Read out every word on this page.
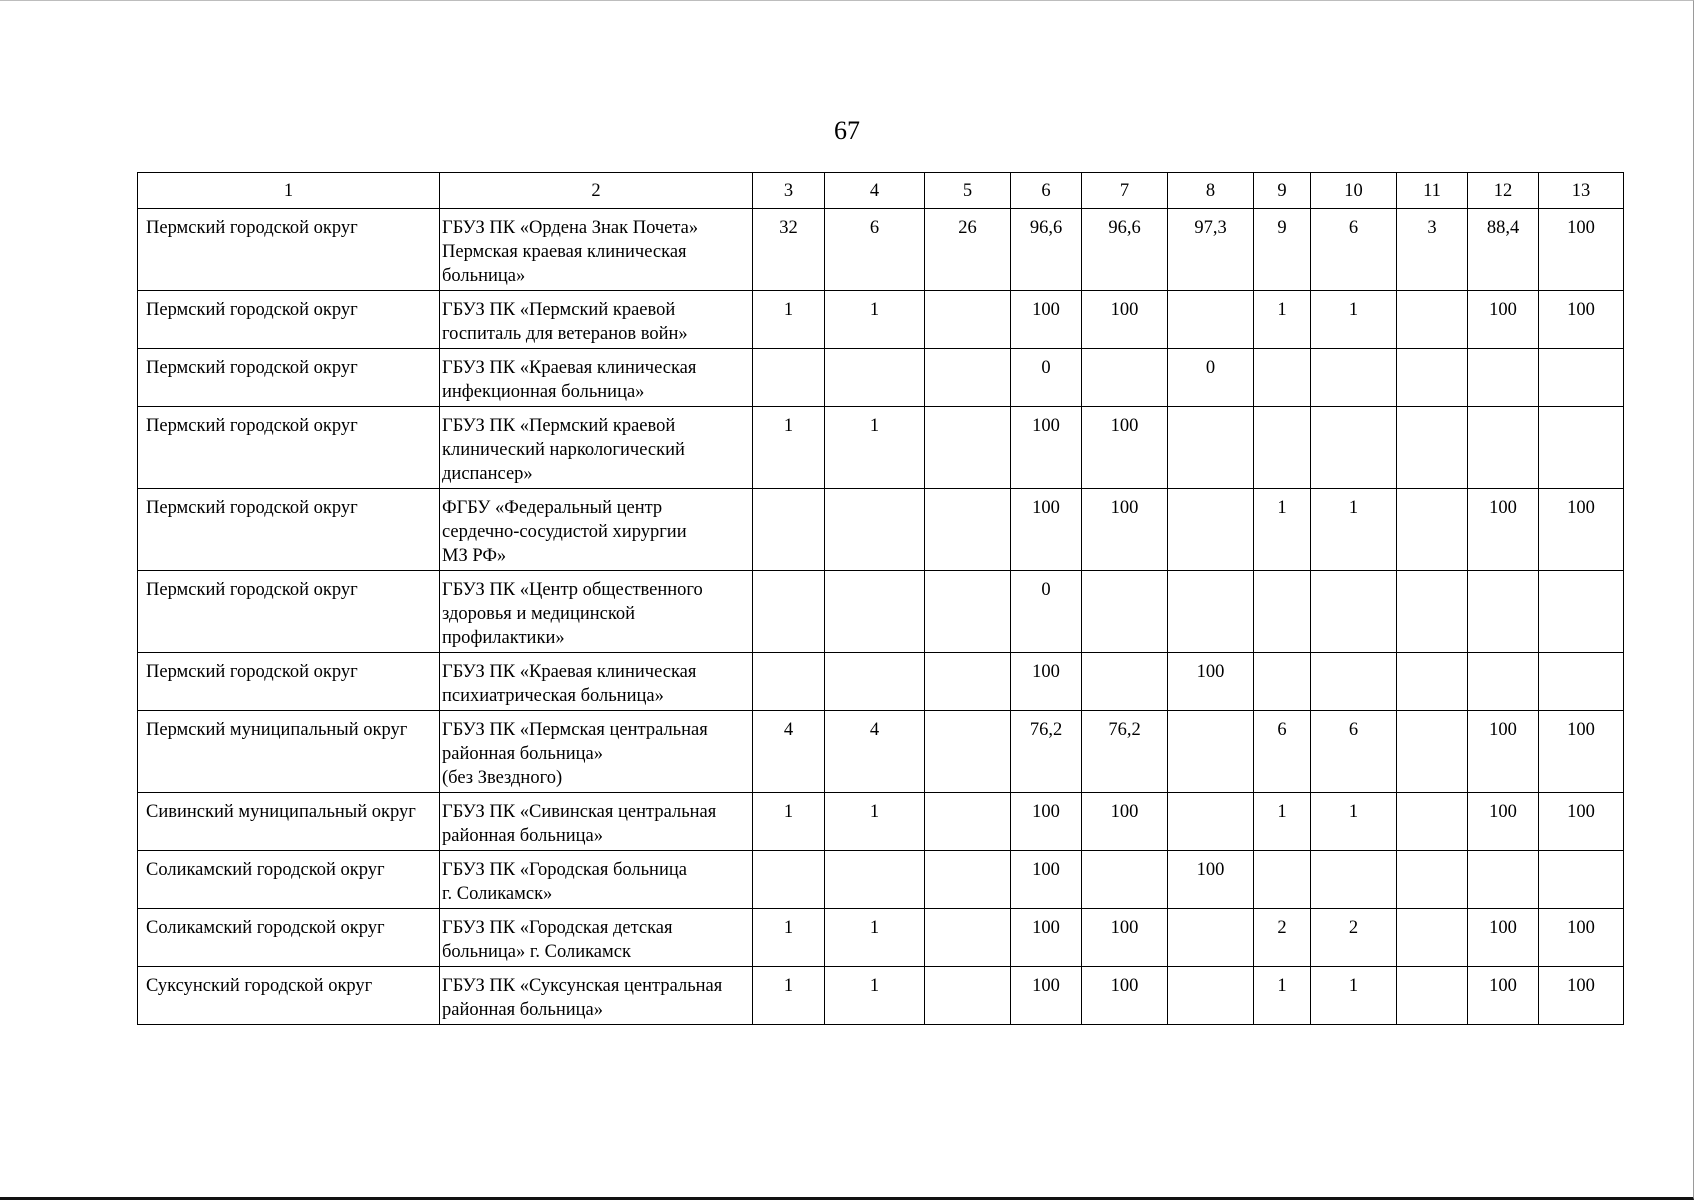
67
1	2	3	4	5	6	7	8	9	10	11	12	13
Пермский городской округ	ГБУЗ ПК «Ордена Знак Почета»
Пермская краевая клиническая
больница»	32	6	26	96,6	96,6	97,3	9	6	3	88,4	100
Пермский городской округ	ГБУЗ ПК «Пермский краевой
госпиталь для ветеранов войн»	1	1		100	100		1	1		100	100
Пермский городской округ	ГБУЗ ПК «Краевая клиническая
инфекционная больница»				0		0					
Пермский городской округ	ГБУЗ ПК «Пермский краевой
клинический наркологический
диспансер»	1	1		100	100						
Пермский городской округ	ФГБУ «Федеральный центр
сердечно-сосудистой хирургии
МЗ РФ»				100	100		1	1		100	100
Пермский городской округ	ГБУЗ ПК «Центр общественного
здоровья и медицинской
профилактики»				0							
Пермский городской округ	ГБУЗ ПК «Краевая клиническая
психиатрическая больница»				100		100					
Пермский муниципальный округ	ГБУЗ ПК «Пермская центральная
районная больница»
(без Звездного)	4	4		76,2	76,2		6	6		100	100
Сивинский муниципальный округ	ГБУЗ ПК «Сивинская центральная
районная больница»	1	1		100	100		1	1		100	100
Соликамский городской округ	ГБУЗ ПК «Городская больница
г. Соликамск»				100		100					
Соликамский городской округ	ГБУЗ ПК «Городская детская
больница» г. Соликамск	1	1		100	100		2	2		100	100
Суксунский городской округ	ГБУЗ ПК «Суксунская центральная
районная больница»	1	1		100	100		1	1		100	100
